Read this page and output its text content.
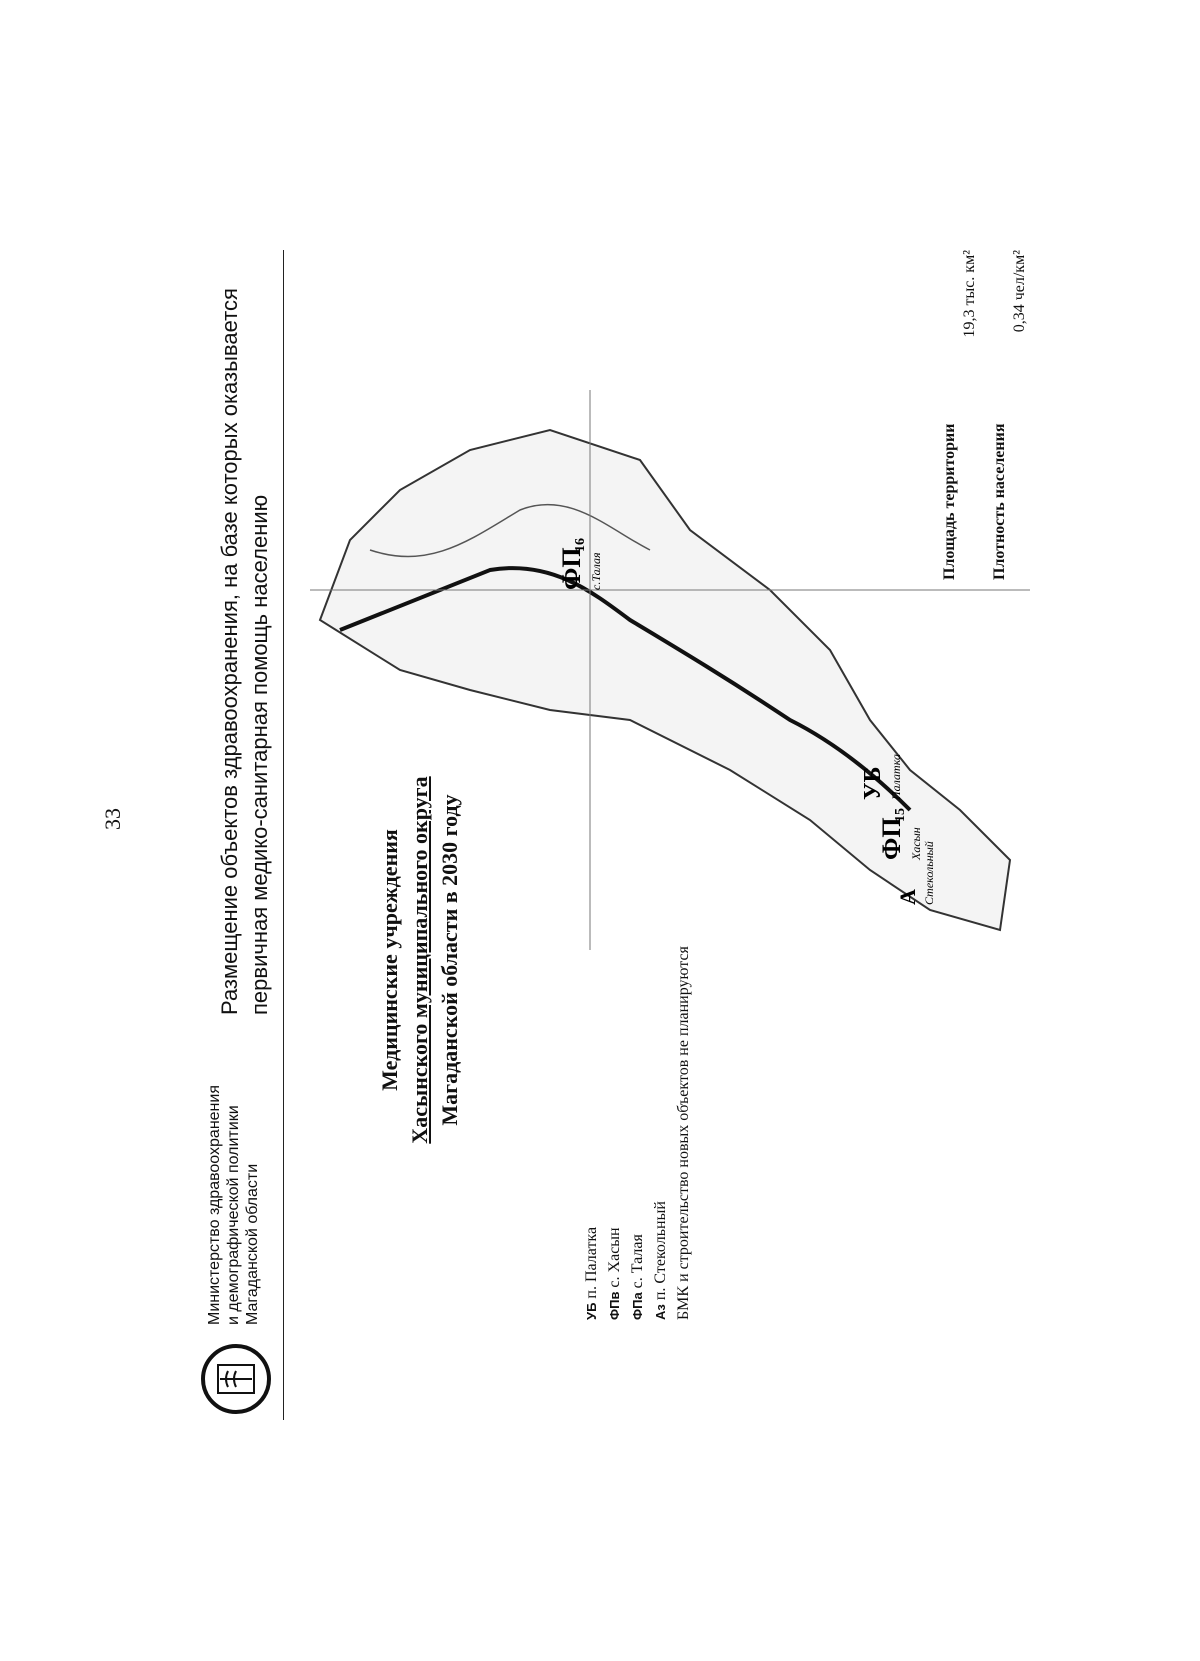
33
Министерство здравоохранения и демографической политики Магаданской области
Размещение объектов здравоохранения, на базе которых оказывается первичная медико-санитарная помощь населению	Медицинские учреждения Хасынского муниципального округа Магаданской области в 2030 году
УБ п. Палатка
ФПв с. Хасын
ФПа с. Талая
Аз п. Стекольный БМК и строительство новых объектов не планируются
ФП
16
с.Талая
ФП
15
Хасын
УБ Палатка
А Стекольный
Площадь территории
19,3 тыс. км²
Плотность населения
0,34 чел/км²
